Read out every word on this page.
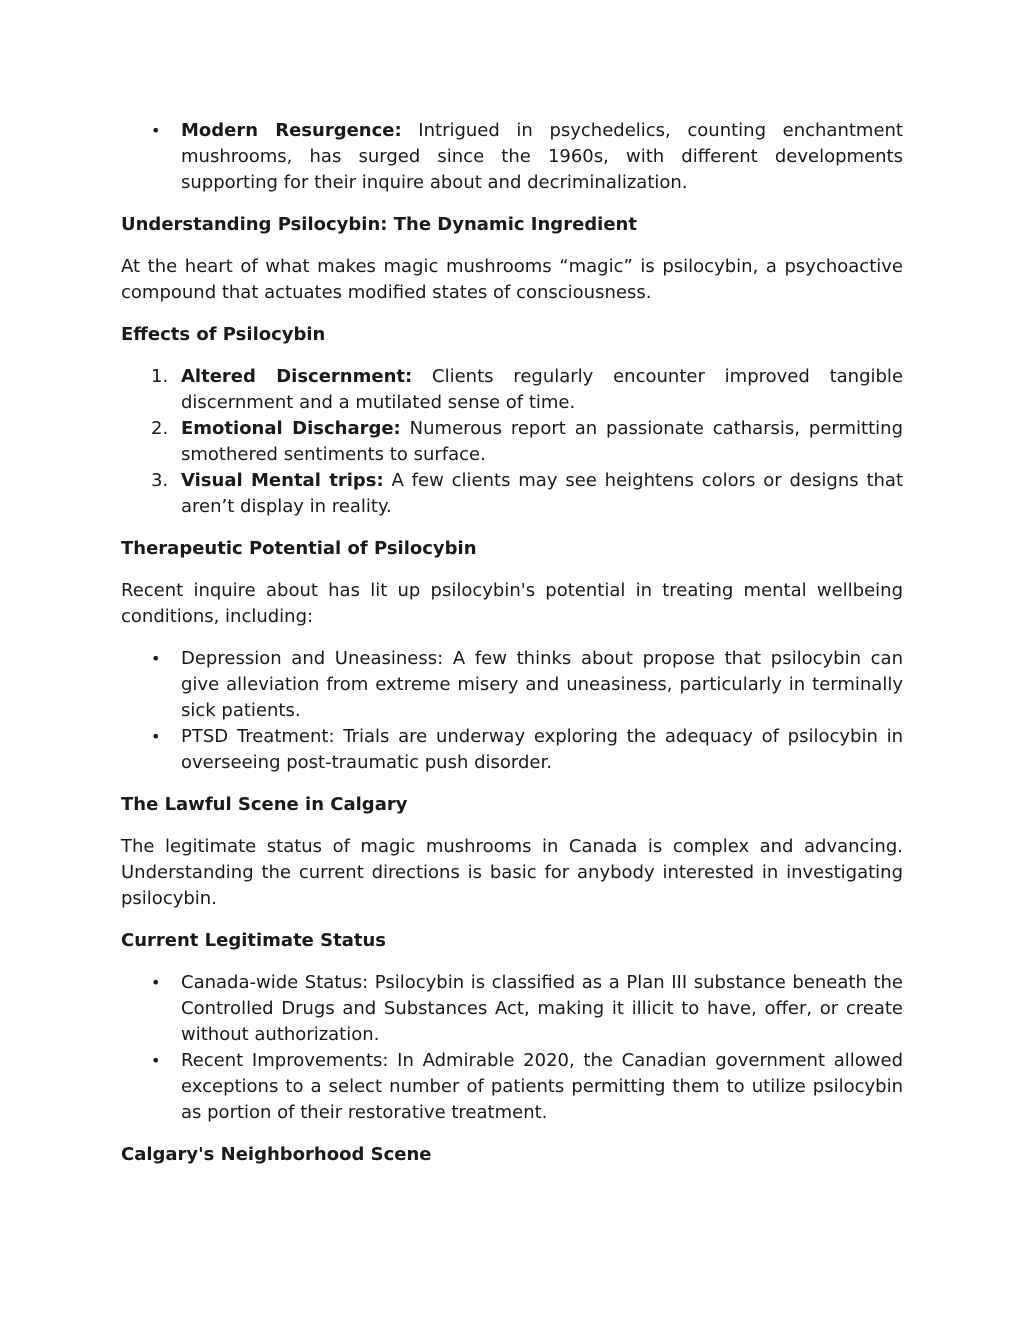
• Modern Resurgence: Intrigued in psychedelics, counting enchantment mushrooms, has surged since the 1960s, with different developments supporting for their inquire about and decriminalization.
Understanding Psilocybin: The Dynamic Ingredient

At the heart of what makes magic mushrooms “magic” is psilocybin, a psychoactive compound that actuates modified states of consciousness.

Effects of Psilocybin
1. Altered Discernment: Clients regularly encounter improved tangible discernment and a mutilated sense of time.
2. Emotional Discharge: Numerous report an passionate catharsis, permitting smothered sentiments to surface.
3. Visual Mental trips: A few clients may see heightens colors or designs that aren’t display in reality.
Therapeutic Potential of Psilocybin

Recent inquire about has lit up psilocybin's potential in treating mental wellbeing conditions, including:

• Depression and Uneasiness: A few thinks about propose that psilocybin can give alleviation from extreme misery and uneasiness, particularly in terminally sick patients.
• PTSD Treatment: Trials are underway exploring the adequacy of psilocybin in overseeing post-traumatic push disorder.
The Lawful Scene in Calgary

The legitimate status of magic mushrooms in Canada is complex and advancing. Understanding the current directions is basic for anybody interested in investigating psilocybin.

Current Legitimate Status
• Canada-wide Status: Psilocybin is classified as a Plan III substance beneath the Controlled Drugs and Substances Act, making it illicit to have, offer, or create without authorization.
• Recent Improvements: In Admirable 2020, the Canadian government allowed exceptions to a select number of patients permitting them to utilize psilocybin as portion of their restorative treatment.
Calgary's Neighborhood Scene
